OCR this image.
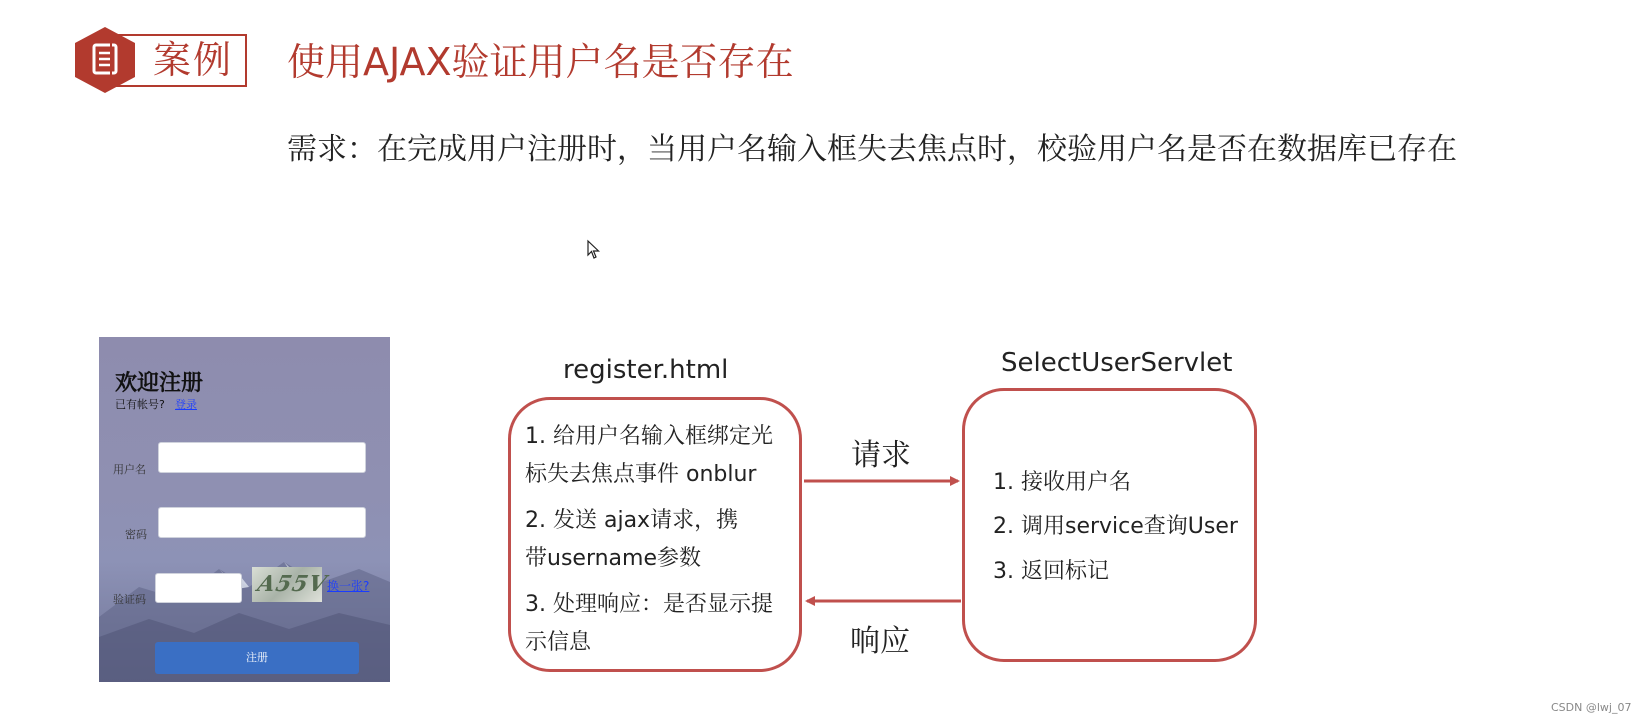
案例 使用AJAX验证用户名是否存在
需求：在完成用户注册时，当用户名输入框失去焦点时，校验用户名是否在数据库已存在
欢迎注册
已有帐号? 登录
用户名
密码
验证码
A55V
换一张?
注册
register.html
1. 给用户名输入框绑定光标失去焦点事件 onblur
2. 发送 ajax请求，携带username参数
3. 处理响应：是否显示提示信息
SelectUserServlet
1. 接收用户名
2. 调用service查询User
3. 返回标记
请求
响应
CSDN @lwj_07
